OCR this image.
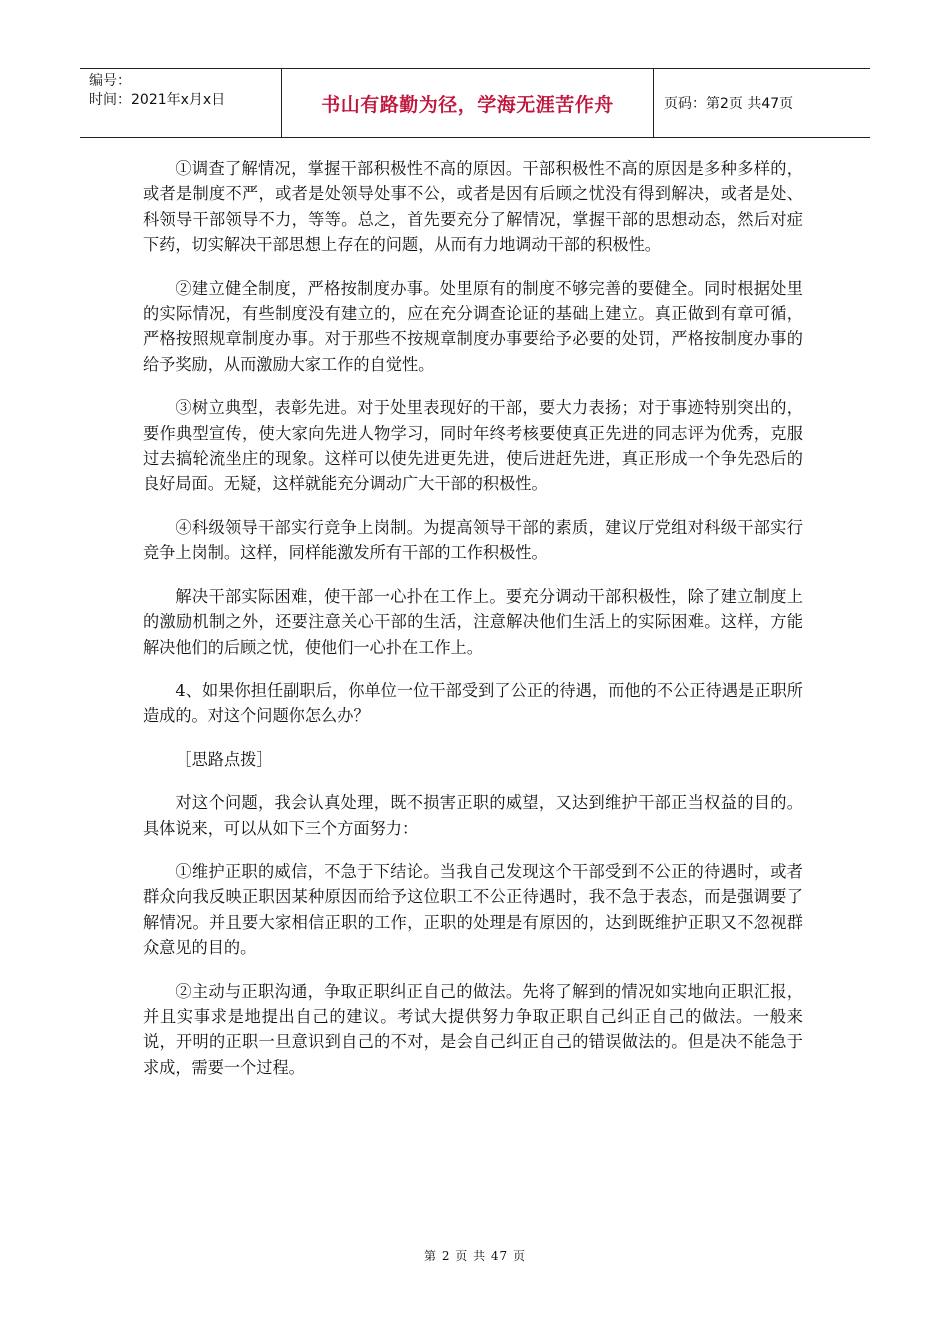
编号：
时间：2021年x月x日	书山有路勤为径，学海无涯苦作舟	页码：第2页 共47页

①调查了解情况，掌握干部积极性不高的原因。干部积极性不高的原因是多种多样的，或者是制度不严，或者是处领导处事不公，或者是因有后顾之忧没有得到解决，或者是处、科领导干部领导不力，等等。总之，首先要充分了解情况，掌握干部的思想动态，然后对症下药，切实解决干部思想上存在的问题，从而有力地调动干部的积极性。

②建立健全制度，严格按制度办事。处里原有的制度不够完善的要健全。同时根据处里的实际情况，有些制度没有建立的，应在充分调查论证的基础上建立。真正做到有章可循，严格按照规章制度办事。对于那些不按规章制度办事要给予必要的处罚，严格按制度办事的给予奖励，从而激励大家工作的自觉性。

③树立典型，表彰先进。对于处里表现好的干部，要大力表扬；对于事迹特别突出的，要作典型宣传，使大家向先进人物学习，同时年终考核要使真正先进的同志评为优秀，克服过去搞轮流坐庄的现象。这样可以使先进更先进，使后进赶先进，真正形成一个争先恐后的良好局面。无疑，这样就能充分调动广大干部的积极性。

④科级领导干部实行竞争上岗制。为提高领导干部的素质，建议厅党组对科级干部实行竞争上岗制。这样，同样能激发所有干部的工作积极性。

解决干部实际困难，使干部一心扑在工作上。要充分调动干部积极性，除了建立制度上的激励机制之外，还要注意关心干部的生活，注意解决他们生活上的实际困难。这样，方能解决他们的后顾之忧，使他们一心扑在工作上。

4、如果你担任副职后，你单位一位干部受到了公正的待遇，而他的不公正待遇是正职所造成的。对这个问题你怎么办？

［思路点拨］

对这个问题，我会认真处理，既不损害正职的威望，又达到维护干部正当权益的目的。具体说来，可以从如下三个方面努力：

①维护正职的威信，不急于下结论。当我自己发现这个干部受到不公正的待遇时，或者群众向我反映正职因某种原因而给予这位职工不公正待遇时，我不急于表态，而是强调要了解情况。并且要大家相信正职的工作，正职的处理是有原因的，达到既维护正职又不忽视群众意见的目的。

②主动与正职沟通，争取正职纠正自己的做法。先将了解到的情况如实地向正职汇报，并且实事求是地提出自己的建议。考试大提供努力争取正职自己纠正自己的做法。一般来说，开明的正职一旦意识到自己的不对，是会自己纠正自己的错误做法的。但是决不能急于求成，需要一个过程。

第 2 页 共 47 页
